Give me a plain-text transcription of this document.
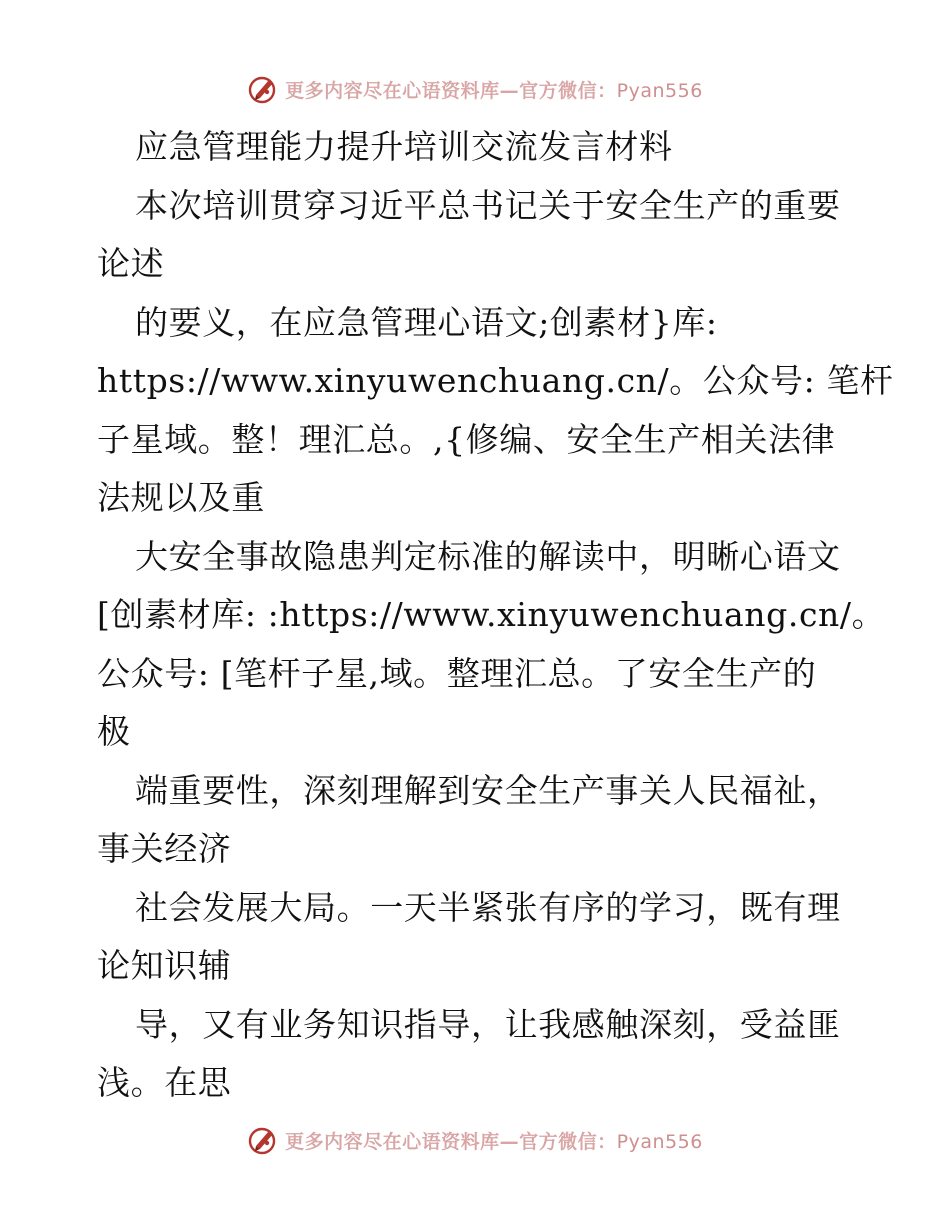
更多内容尽在心语资料库—官方微信：Pyan556
应急管理能力提升培训交流发言材料
本次培训贯穿习近平总书记关于安全生产的重要
论述
的要义，在应急管理心语文;创素材}库:
https://www.xinyuwenchuang.cn/。公众号: 笔杆
子星域。整！理汇总。,{修编、安全生产相关法律
法规以及重
大安全事故隐患判定标准的解读中，明晰心语文
[创素材库: :https://www.xinyuwenchuang.cn/。
公众号: [笔杆子星,域。整理汇总。了安全生产的
极
端重要性，深刻理解到安全生产事关人民福祉，
事关经济
社会发展大局。一天半紧张有序的学习，既有理
论知识辅
导，又有业务知识指导，让我感触深刻，受益匪
浅。在思
更多内容尽在心语资料库—官方微信：Pyan556
